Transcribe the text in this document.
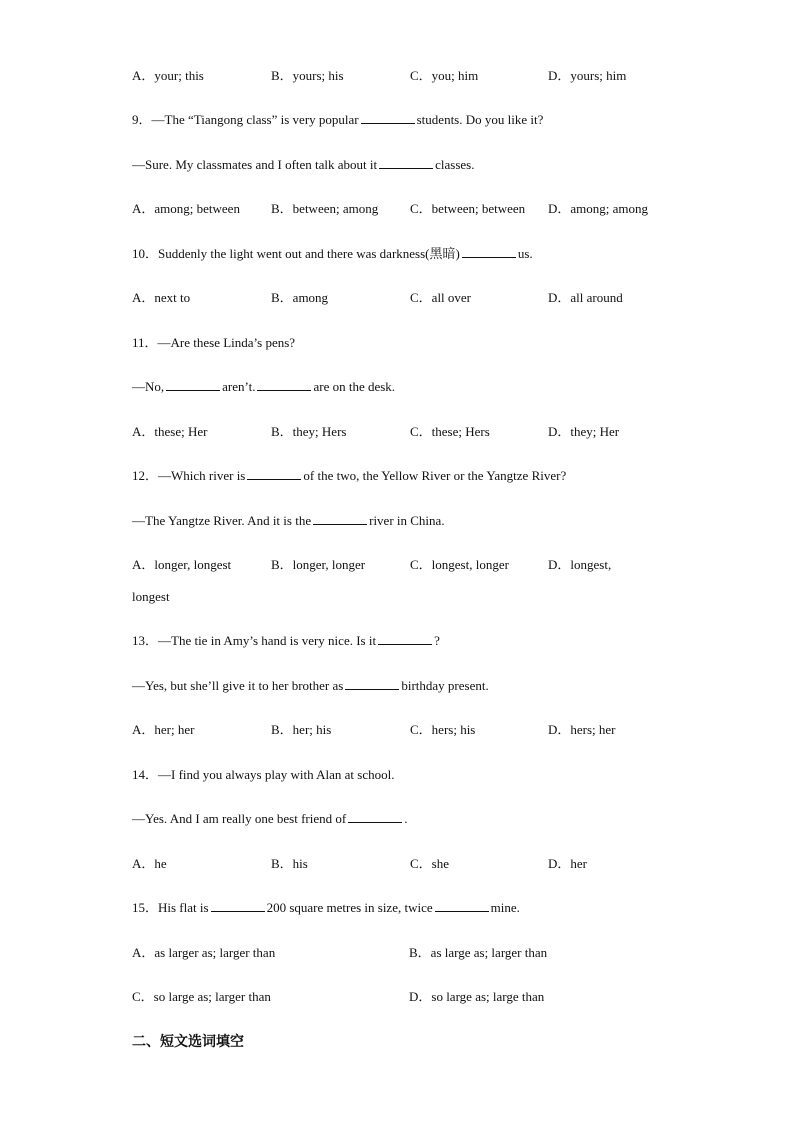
A．your; this	B．yours; his	C．you; him	D．yours; him
9．—The “Tiangong class” is very popular	students. Do you like it?
—Sure. My classmates and I often talk about it	classes.
A．among; between B．between; among C．between; between D．among; among
10．Suddenly the light went out and there was darkness(黑暗)	us.
A．next to	B．among	C．all over	D．all around
11．—Are these Linda’s pens?
—No,	aren’t.	are on the desk.
A．these; Her	B．they; Hers	C．these; Hers	D．they; Her
12．—Which river is	of the two, the Yellow River or the Yangtze River?
—The Yangtze River. And it is the	river in China.
A．longer, longest	B．longer, longer	C．longest, longer	D．longest,
longest
13．—The tie in Amy’s hand is very nice. Is it	?
—Yes, but she’ll give it to her brother as	birthday present.
A．her; her	B．her; his	C．hers; his	D．hers; her
14．—I find you always play with Alan at school.
—Yes. And I am really one best friend of	.
A．he	B．his	C．she	D．her
15．His flat is	200 square metres in size, twice	mine.
A．as larger as; larger than	B．as large as; larger than
C．so large as; larger than	D．so large as; large than
二、短文选词填空
